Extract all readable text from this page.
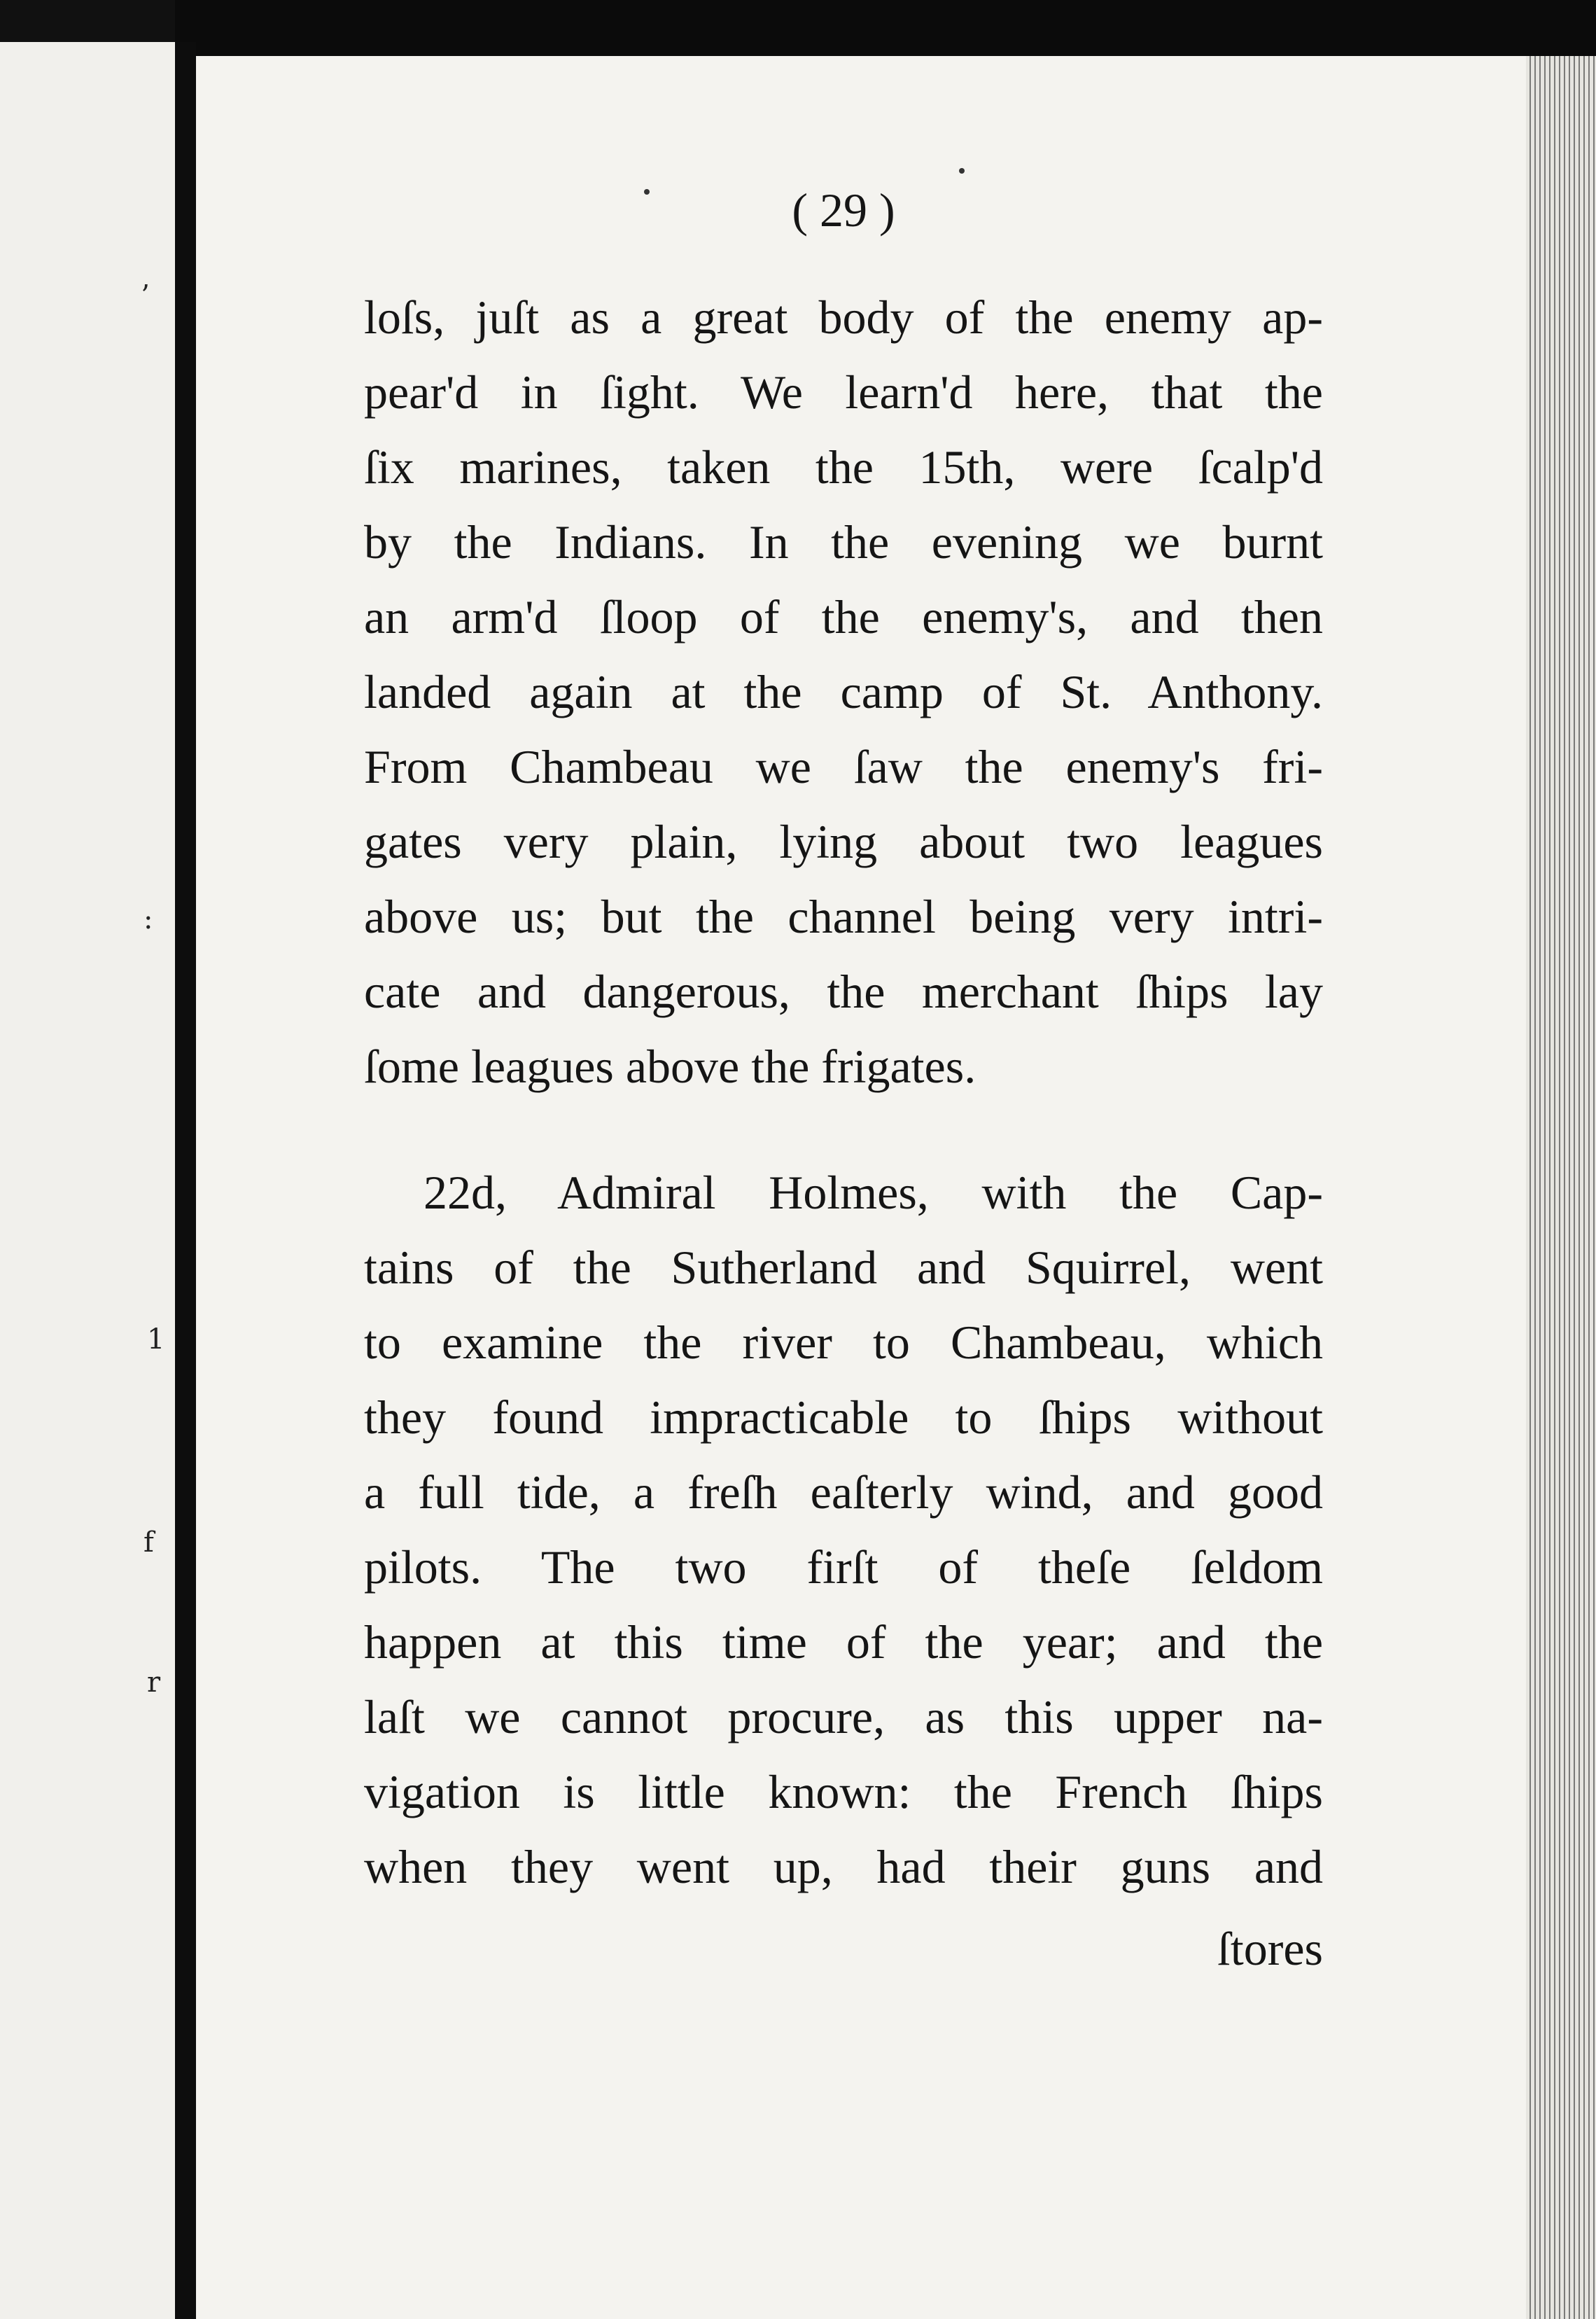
ʼ
:
1
f
r
( 29 )
loſs, juſt as a great body of the enemy ap-
pear'd in ſight. We learn'd here, that the
ſix marines, taken the 15th, were ſcalp'd
by the Indians. In the evening we burnt
an arm'd ſloop of the enemy's, and then
landed again at the camp of St. Anthony.
From Chambeau we ſaw the enemy's fri-
gates very plain, lying about two leagues
above us; but the channel being very intri-
cate and dangerous, the merchant ſhips lay
ſome leagues above the frigates.
22d, Admiral Holmes, with the Cap-
tains of the Sutherland and Squirrel, went
to examine the river to Chambeau, which
they found impracticable to ſhips without
a full tide, a freſh eaſterly wind, and good
pilots. The two firſt of theſe ſeldom
happen at this time of the year; and the
laſt we cannot procure, as this upper na-
vigation is little known: the French ſhips
when they went up, had their guns and
ſtores
